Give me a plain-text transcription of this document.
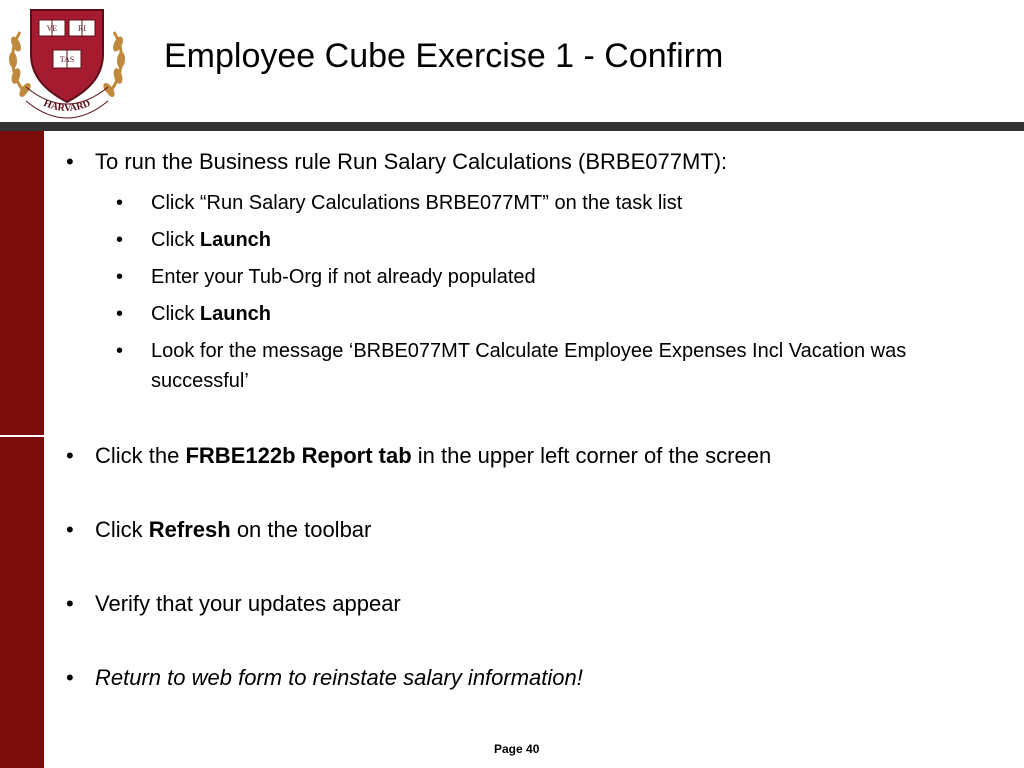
VE	RI
TAS
HARVARD
Employee Cube Exercise 1 - Confirm
• To run the Business rule Run Salary Calculations (BRBE077MT):
•	Click “Run Salary Calculations BRBE077MT” on the task list
•	Click Launch
•	Enter your Tub-Org if not already populated
•	Click Launch
•	Look for the message ‘BRBE077MT Calculate Employee Expenses Incl Vacation was successful’
• Click the FRBE122b Report tab in the upper left corner of the screen
• Click Refresh on the toolbar
• Verify that your updates appear
• Return to web form to reinstate salary information!
Page 40
